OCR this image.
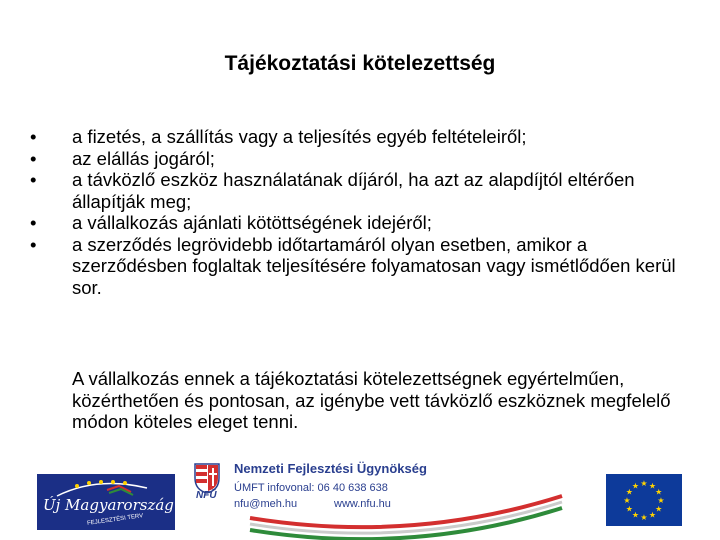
Tájékoztatási kötelezettség
• a fizetés, a szállítás vagy a teljesítés egyéb feltételeiről;
• az elállás jogáról;
• a távközlő eszköz használatának díjáról, ha azt az alapdíjtól eltérően állapítják meg;
• a vállalkozás ajánlati kötöttségének idejéről;
• a szerződés legrövidebb időtartamáról olyan esetben, amikor a szerződésben foglaltak teljesítésére folyamatosan vagy ismétlődően kerül sor.

A vállalkozás ennek a tájékoztatási kötelezettségnek egyértelműen, közérthetően és pontosan, az igénybe vett távközlő eszköznek megfelelő módon köteles eleget tenni.

Új Magyarország
FEJLESZTÉSI TERV
NFÜ
Nemzeti Fejlesztési Ügynökség
ÚMFT infovonal: 06 40 638 638
nfu@meh.hu	www.nfu.hu
★ ★
★
★
★
★
★
★
★
★
★
★
